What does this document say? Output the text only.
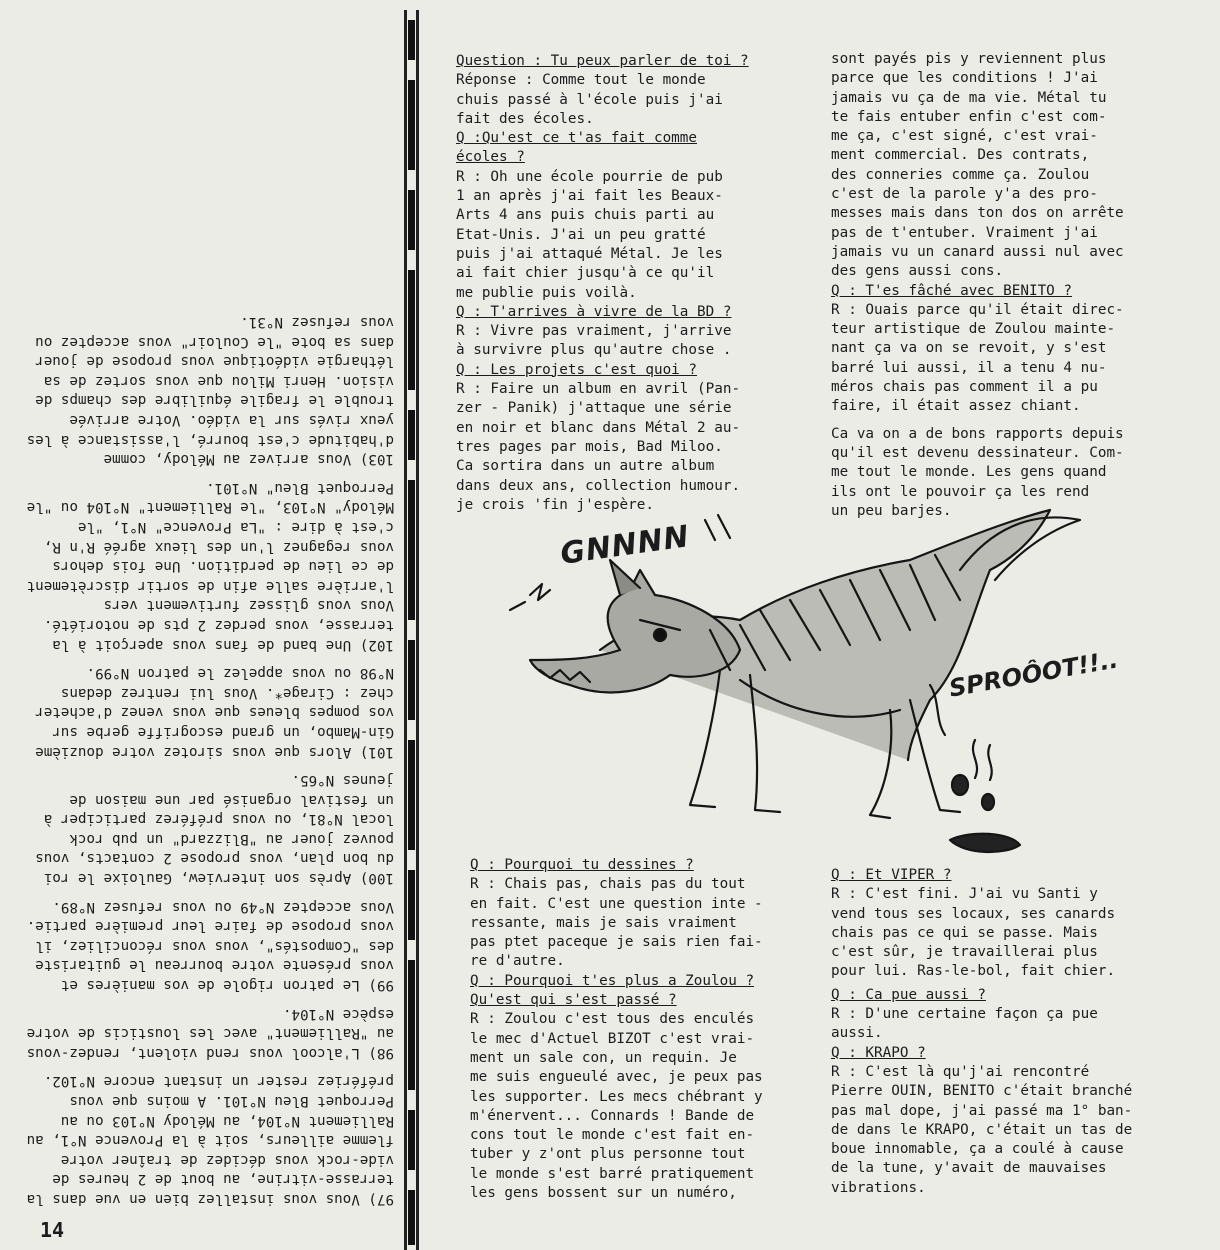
97) Vous vous installez bien en vue dans la terrasse-vitrine, au bout de 2 heures de vide-rock vous décidez de traîner votre flemme ailleurs, soit à la Provence N°1, au Ralliement N°104, au Mélody N°103 ou au Perroquet Bleu N°101. A moins que vous préfériez rester un instant encore N°102.

98) L'alcool vous rend violent, rendez-vous au "Ralliement" avec les lousticis de votre espèce N°104.

99) Le patron rigole de vos manières et vous présente votre bourreau le guitariste des "Compostés", vous vous réconciliez, il vous propose de faire leur première partie. Vous acceptez N°49 ou vous refusez N°89.

100) Après son interview, Gauloixe le roi du bon plan, vous propose 2 contacts, vous pouvez jouer au "Blizzard" un pub rock local N°81, ou vous préférez participer à un festival organisé par une maison de jeunes N°65.

101) Alors que vous sirotez votre douzième Gin-Mambo, un grand escogriffe gerbe sur vos pompes bleues que vous venez d'acheter chez : Cirage*. Vous lui rentrez dedans N°98 ou vous appelez le patron N°99.

102) Une band de fans vous aperçoit à la terrasse, vous perdez 2 pts de notoriété. Vous vous glissez furtivement vers l'arrière salle afin de sortir discrètement de ce lieu de perdition. Une fois dehors vous regagnez l'un des lieux agréé R'n R, c'est à dire : "La Provence" N°1, "le Mélody" N°103, "le Ralliement" N°104 ou "le Perroquet Bleu" N°101.

103) Vous arrivez au Mélody, comme d'habitude c'est bourré, l'assistance à les yeux rivés sur la vidéo. Votre arrivée trouble le fragile équilibre des champs de vision. Henri Milou que vous sortez de sa léthargie vidéotique vous propose de jouer dans sa bote "le Couloir" vous acceptez ou vous refusez N°31.

14
Question : Tu peux parler de toi ?
Réponse : Comme tout le monde
chuis passé à l'école puis j'ai
fait des écoles.
Q :Qu'est ce t'as fait comme
écoles ?
R : Oh une école pourrie de pub
1 an après j'ai fait les Beaux-
Arts 4 ans puis chuis parti au
Etat-Unis. J'ai un peu gratté
puis j'ai attaqué Métal. Je les
ai fait chier jusqu'à ce qu'il
me publie puis voilà.
Q : T'arrives à vivre de la BD ?
R : Vivre pas vraiment, j'arrive
à survivre plus qu'autre chose .
Q : Les projets c'est quoi ?
R : Faire un album en avril (Pan-
zer - Panik) j'attaque une série
en noir et blanc dans Métal 2 au-
tres pages par mois, Bad Miloo.
Ca sortira dans un autre album
dans deux ans, collection humour.
je crois 'fin j'espère.
sont payés pis y reviennent plus
parce que les conditions ! J'ai
jamais vu ça de ma vie. Métal tu
te fais entuber enfin c'est com-
me ça, c'est signé, c'est vrai-
ment commercial. Des contrats,
des conneries comme ça. Zoulou
c'est de la parole y'a des pro-
messes mais dans ton dos on arrête
pas de t'entuber. Vraiment j'ai
jamais vu un canard aussi nul avec
des gens aussi cons.
Q : T'es fâché avec BENITO ?
R : Ouais parce qu'il était direc-
teur artistique de Zoulou mainte-
nant ça va on se revoit, y s'est
barré lui aussi, il a tenu 4 nu-
méros chais pas comment il a pu
faire, il était assez chiant.
Ca va on a de bons rapports depuis
qu'il est devenu dessinateur. Com-
me tout le monde. Les gens quand
ils ont le pouvoir ça les rend
un peu barjes.
GNNNN
SPROÔOT!!..
Q : Pourquoi tu dessines ?
R : Chais pas, chais pas du tout
en fait. C'est une question inte -
ressante, mais je sais vraiment
pas ptet paceque je sais rien fai-
re d'autre.
Q : Pourquoi t'es plus a Zoulou ?
Qu'est qui s'est passé ?
R : Zoulou c'est tous des enculés
le mec d'Actuel BIZOT c'est vrai-
ment un sale con, un requin. Je
me suis engueulé avec, je peux pas
les supporter. Les mecs chébrant y
m'énervent... Connards ! Bande de
cons tout le monde c'est fait en-
tuber y z'ont plus personne tout
le monde s'est barré pratiquement
les gens bossent sur un numéro,
Q : Et VIPER ?
R : C'est fini. J'ai vu Santi y
vend tous ses locaux, ses canards
chais pas ce qui se passe. Mais
c'est sûr, je travaillerai plus
pour lui. Ras-le-bol, fait chier.
Q : Ca pue aussi ?
R : D'une certaine façon ça pue
aussi.
Q : KRAPO ?
R : C'est là qu'j'ai rencontré
Pierre OUIN, BENITO c'était branché
pas mal dope, j'ai passé ma 1° ban-
de dans le KRAPO, c'était un tas de
boue innomable, ça a coulé à cause
de la tune, y'avait de mauvaises
vibrations.
